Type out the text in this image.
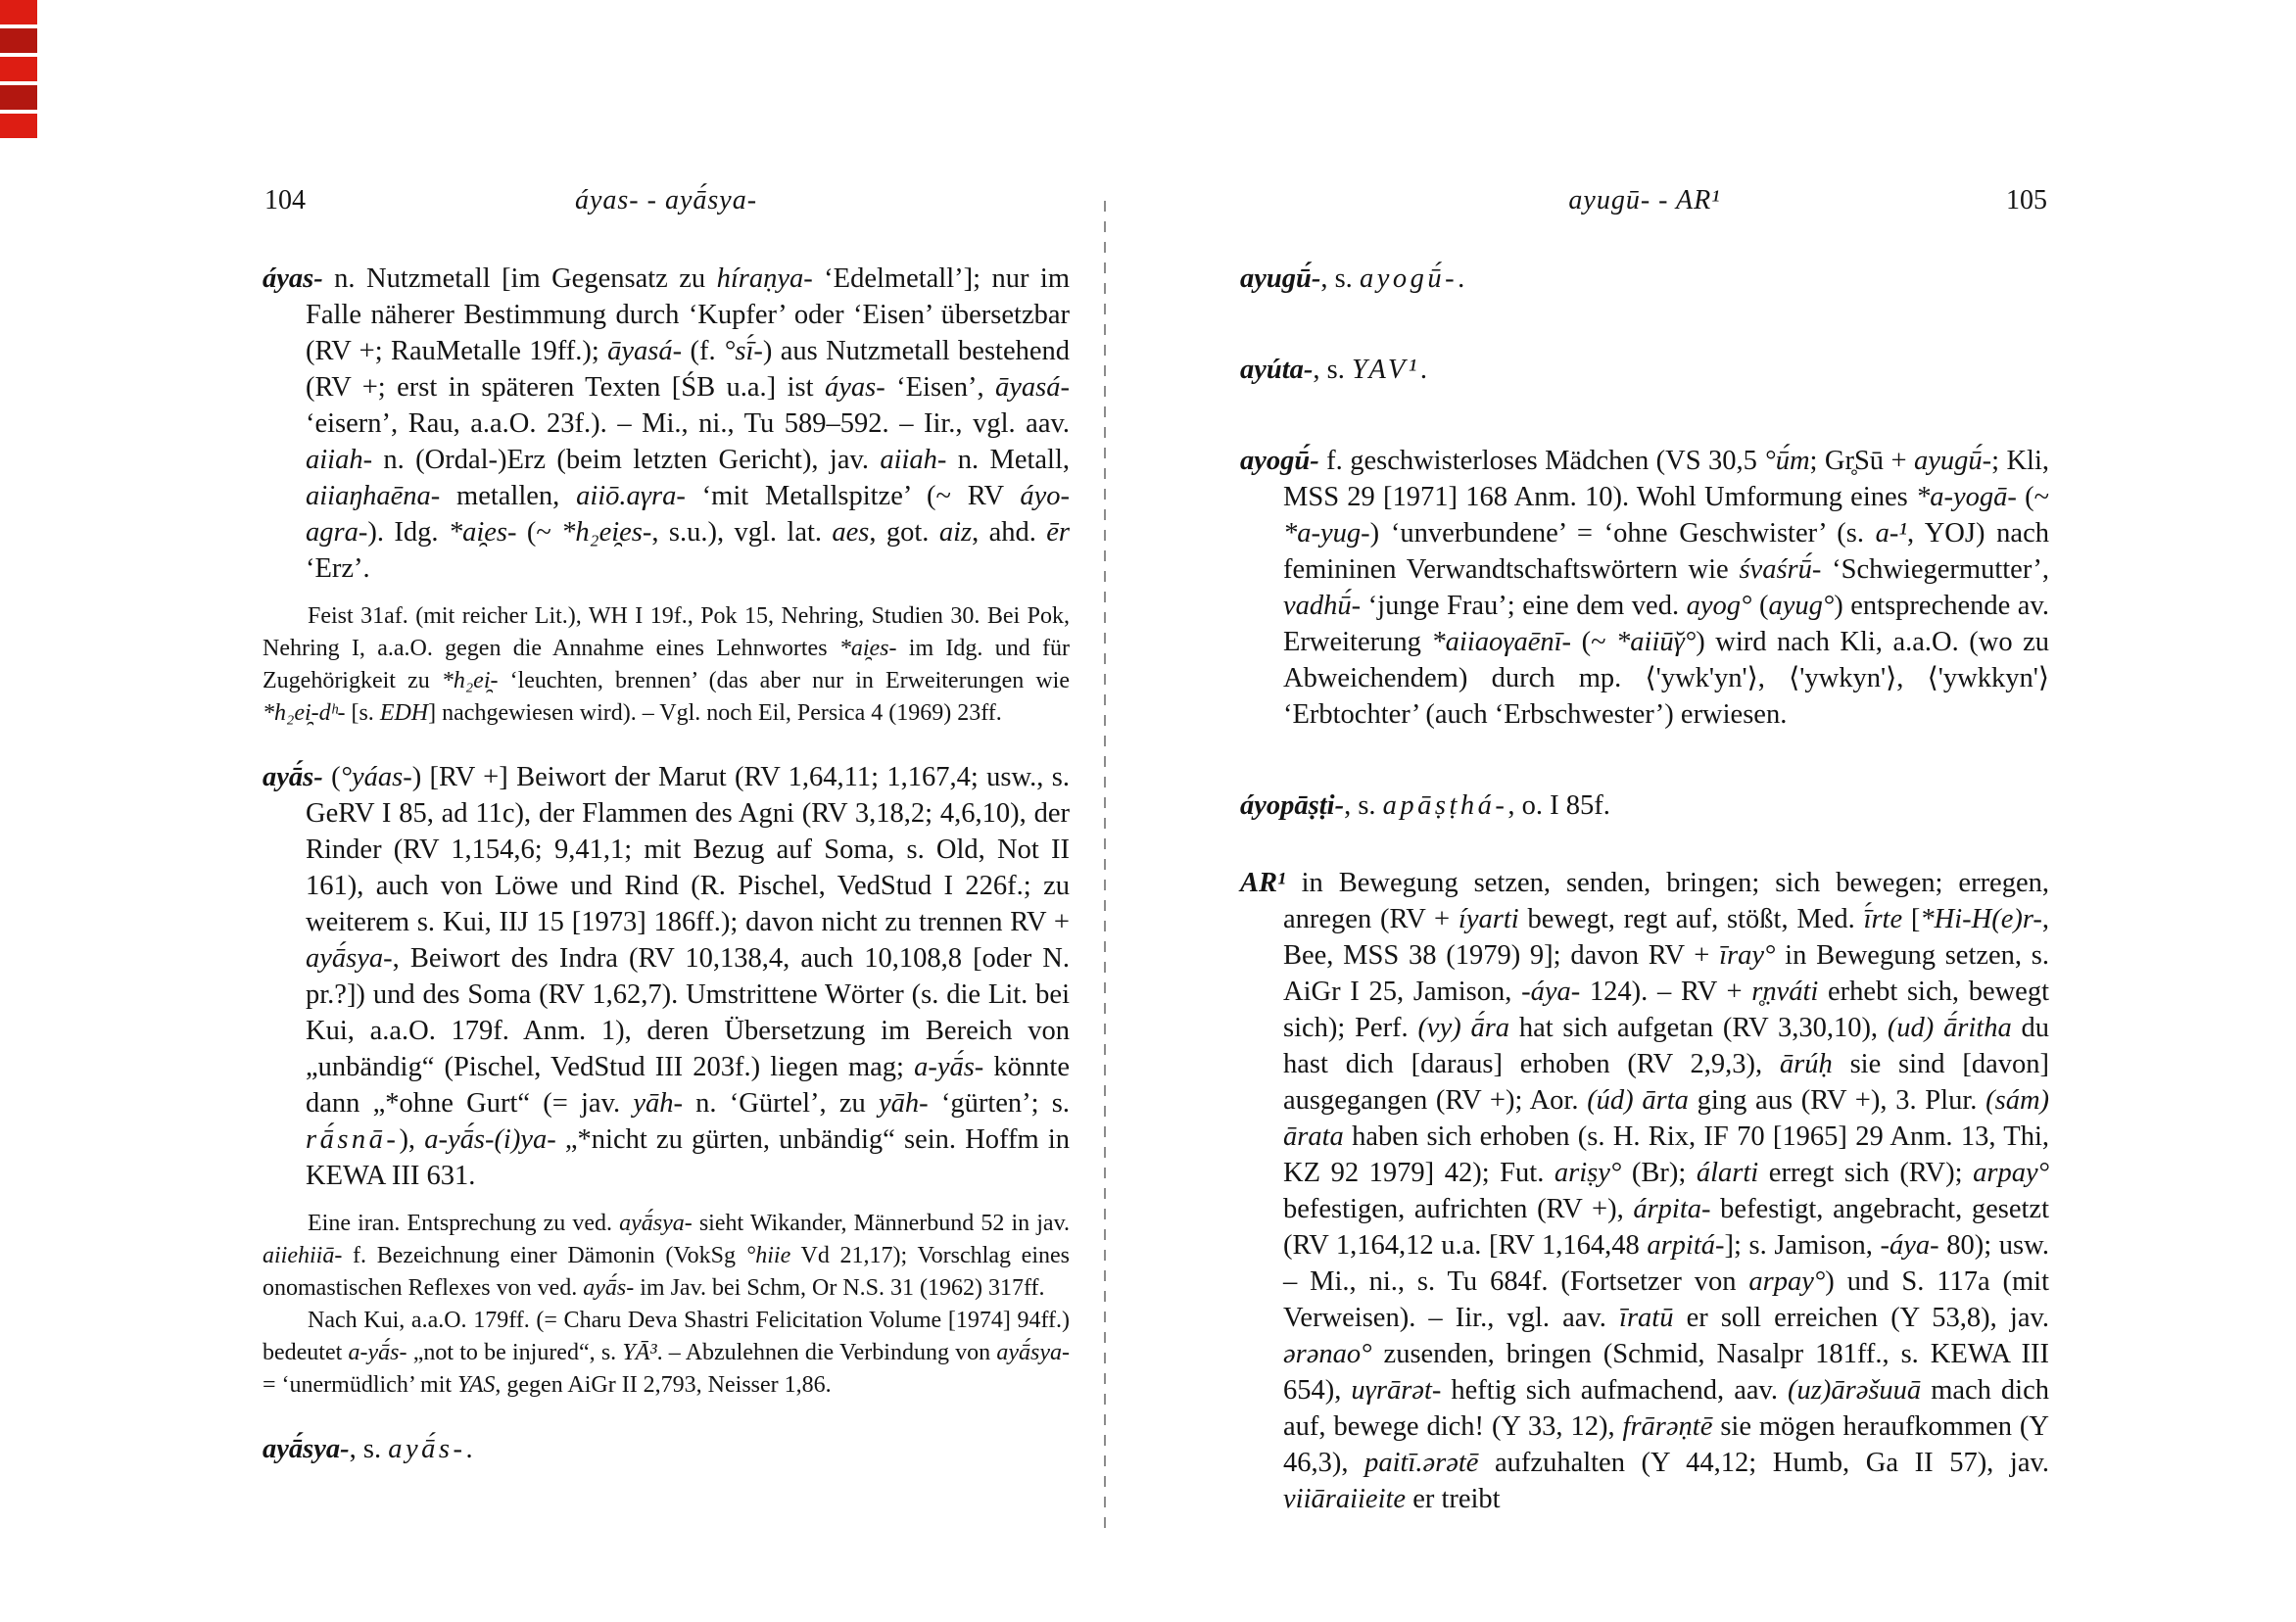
104	áyas- - ayā́sya-

áyas- n. Nutzmetall [im Gegensatz zu híraṇya- ‘Edelmetall’]; nur im Falle näherer Bestimmung durch ‘Kupfer’ oder ‘Eisen’ übersetzbar (RV +; RauMetalle 19ff.); āyasá- (f. °sī́-) aus Nutzmetall bestehend (RV +; erst in späteren Texten [ŚB u.a.] ist áyas- ‘Eisen’, āyasá- ‘eisern’, Rau, a.a.O. 23f.). – Mi., ni., Tu 589–592. – Iir., vgl. aav. aiiah- n. (Ordal-)Erz (beim letzten Gericht), jav. aiiah- n. Metall, aiiaŋhaēna- metallen, aiiō.aγra- ‘mit Metallspitze’ (~ RV áyo-agra-). Idg. *ai̯es- (~ *h₂ei̯es-, s.u.), vgl. lat. aes, got. aiz, ahd. ēr ‘Erz’.

Feist 31af. (mit reicher Lit.), WH I 19f., Pok 15, Nehring, Studien 30. Bei Pok, Nehring I, a.a.O. gegen die Annahme eines Lehnwortes *ai̯es- im Idg. und für Zugehörigkeit zu *h₂ei̯- ‘leuchten, brennen’ (das aber nur in Erweiterungen wie *h₂ei̯-dʰ- [s. EDH] nachgewiesen wird). – Vgl. noch Eil, Persica 4 (1969) 23ff.

ayā́s- (°yáas-) [RV +] Beiwort der Marut (RV 1,64,11; 1,167,4; usw., s. GeRV I 85, ad 11c), der Flammen des Agni (RV 3,18,2; 4,6,10), der Rinder (RV 1,154,6; 9,41,1; mit Bezug auf Soma, s. Old, Not II 161), auch von Löwe und Rind (R. Pischel, VedStud I 226f.; zu weiterem s. Kui, IIJ 15 [1973] 186ff.); davon nicht zu trennen RV + ayā́sya-, Beiwort des Indra (RV 10,138,4, auch 10,108,8 [oder N. pr.?]) und des Soma (RV 1,62,7). Umstrittene Wörter (s. die Lit. bei Kui, a.a.O. 179f. Anm. 1), deren Übersetzung im Bereich von „unbändig“ (Pischel, VedStud III 203f.) liegen mag; a-yā́s- könnte dann „*ohne Gurt“ (= jav. yāh- n. ‘Gürtel’, zu yāh- ‘gürten’; s. rā́snā-), a-yā́s-(i)ya- „*nicht zu gürten, unbändig“ sein. Hoffm in KEWA III 631.

Eine iran. Entsprechung zu ved. ayā́sya- sieht Wikander, Männerbund 52 in jav. aiiehiiā- f. Bezeichnung einer Dämonin (VokSg °hiie Vd 21,17); Vorschlag eines onomastischen Reflexes von ved. ayā́s- im Jav. bei Schm, Or N.S. 31 (1962) 317ff.

Nach Kui, a.a.O. 179ff. (= Charu Deva Shastri Felicitation Volume [1974] 94ff.) bedeutet a-yā́s- „not to be injured“, s. YĀ³. – Abzulehnen die Verbindung von ayā́sya- = ‘unermüdlich’ mit YAS, gegen AiGr II 2,793, Neisser 1,86.

ayā́sya-, s. ayā́s-.

ayugū- - AR¹	105

ayugū́-, s. ayogū́-.

ayúta-, s. YAV¹.

ayogū́- f. geschwisterloses Mädchen (VS 30,5 °ū́m; Gr̥Sū + ayugū́-; Kli, MSS 29 [1971] 168 Anm. 10). Wohl Umformung eines *a-yogā- (~ *a-yug-) ‘unverbundene’ = ‘ohne Geschwister’ (s. a-¹, YOJ) nach femininen Verwandtschaftswörtern wie śvaśrū́- ‘Schwiegermutter’, vadhū́- ‘junge Frau’; eine dem ved. ayog° (ayug°) entsprechende av. Erweiterung *aiiaoγaēnī- (~ *aiiū̆γ°) wird nach Kli, a.a.O. (wo zu Abweichendem) durch mp. ⟨'ywk'yn'⟩, ⟨'ywkyn'⟩, ⟨'ywkkyn'⟩ ‘Erbtochter’ (auch ‘Erbschwester’) erwiesen.

áyopāṣṭi-, s. apāṣṭhá-, o. I 85f.

AR¹ in Bewegung setzen, senden, bringen; sich bewegen; erregen, anregen (RV + íyarti bewegt, regt auf, stößt, Med. ī́rte [*Hi-H(e)r-, Bee, MSS 38 (1979) 9]; davon RV + īray° in Bewegung setzen, s. AiGr I 25, Jamison, -áya- 124). – RV + r̥ṇváti erhebt sich, bewegt sich); Perf. (vy) ā́ra hat sich aufgetan (RV 3,30,10), (ud) ā́ritha du hast dich [daraus] erhoben (RV 2,9,3), ārúḥ sie sind [davon] ausgegangen (RV +); Aor. (úd) ārta ging aus (RV +), 3. Plur. (sám) ārata haben sich erhoben (s. H. Rix, IF 70 [1965] 29 Anm. 13, Thi, KZ 92 1979] 42); Fut. ariṣy° (Br); álarti erregt sich (RV); arpay° befestigen, aufrichten (RV +), árpita- befestigt, angebracht, gesetzt (RV 1,164,12 u.a. [RV 1,164,48 arpitá-]; s. Jamison, -áya- 80); usw. – Mi., ni., s. Tu 684f. (Fortsetzer von arpay°) und S. 117a (mit Verweisen). – Iir., vgl. aav. īratū er soll erreichen (Y 53,8), jav. ərənao° zusenden, bringen (Schmid, Nasalpr 181ff., s. KEWA III 654), uγrārət- heftig sich aufmachend, aav. (uz)ārəšuuā mach dich auf, bewege dich! (Y 33, 12), frārəṇtē sie mögen heraufkommen (Y 46,3), paitī.ərətē aufzuhalten (Y 44,12; Humb, Ga II 57), jav. viiāraiieite er treibt
